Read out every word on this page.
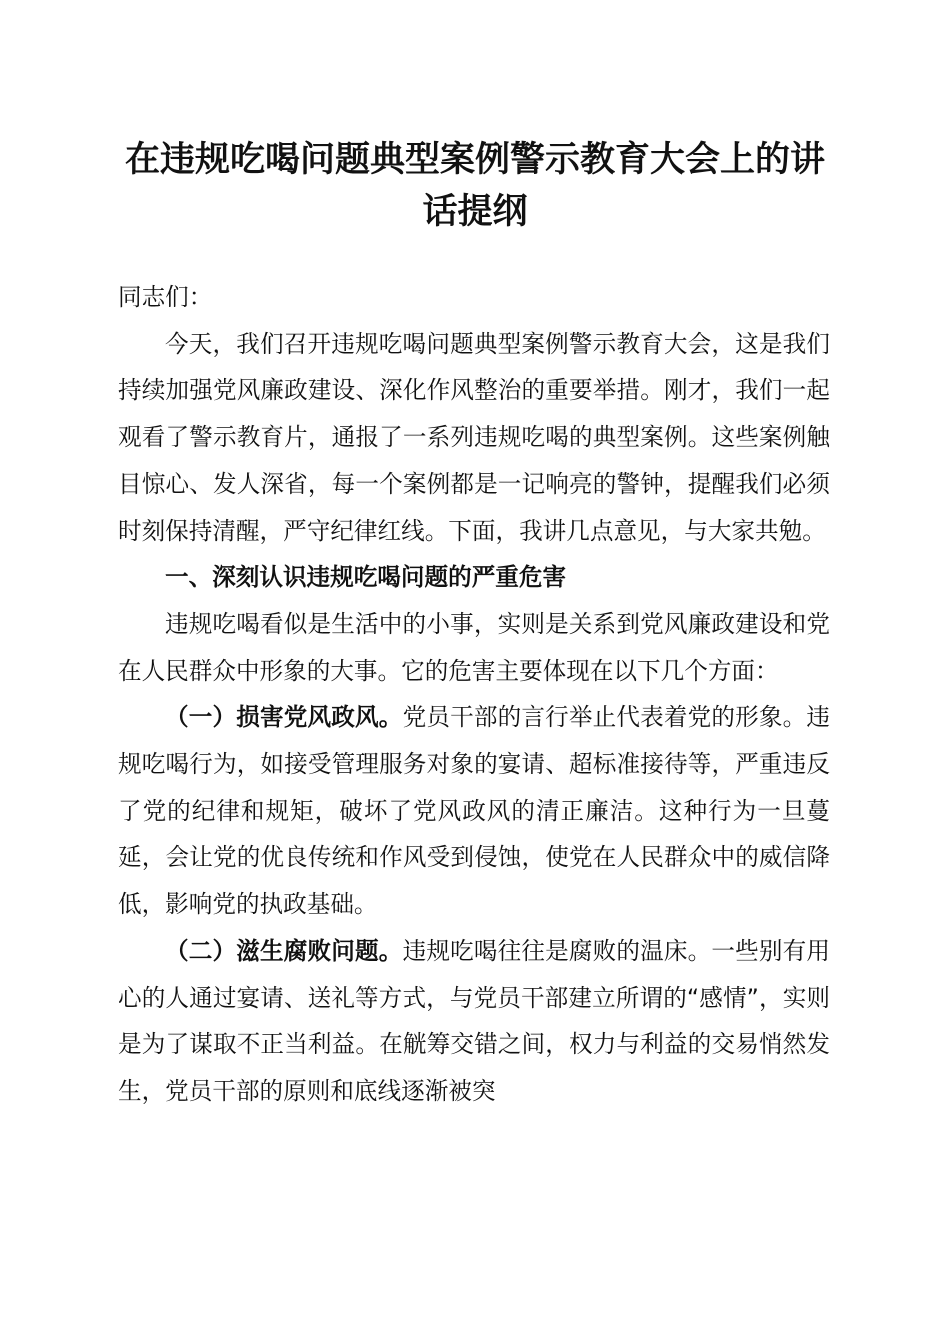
在违规吃喝问题典型案例警示教育大会上的讲话提纲

同志们：

今天，我们召开违规吃喝问题典型案例警示教育大会，这是我们持续加强党风廉政建设、深化作风整治的重要举措。刚才，我们一起观看了警示教育片，通报了一系列违规吃喝的典型案例。这些案例触目惊心、发人深省，每一个案例都是一记响亮的警钟，提醒我们必须时刻保持清醒，严守纪律红线。下面，我讲几点意见，与大家共勉。

一、深刻认识违规吃喝问题的严重危害

违规吃喝看似是生活中的小事，实则是关系到党风廉政建设和党在人民群众中形象的大事。它的危害主要体现在以下几个方面：

（一）损害党风政风。党员干部的言行举止代表着党的形象。违规吃喝行为，如接受管理服务对象的宴请、超标准接待等，严重违反了党的纪律和规矩，破坏了党风政风的清正廉洁。这种行为一旦蔓延，会让党的优良传统和作风受到侵蚀，使党在人民群众中的威信降低，影响党的执政基础。

（二）滋生腐败问题。违规吃喝往往是腐败的温床。一些别有用心的人通过宴请、送礼等方式，与党员干部建立所谓的“感情”，实则是为了谋取不正当利益。在觥筹交错之间，权力与利益的交易悄然发生，党员干部的原则和底线逐渐被突
